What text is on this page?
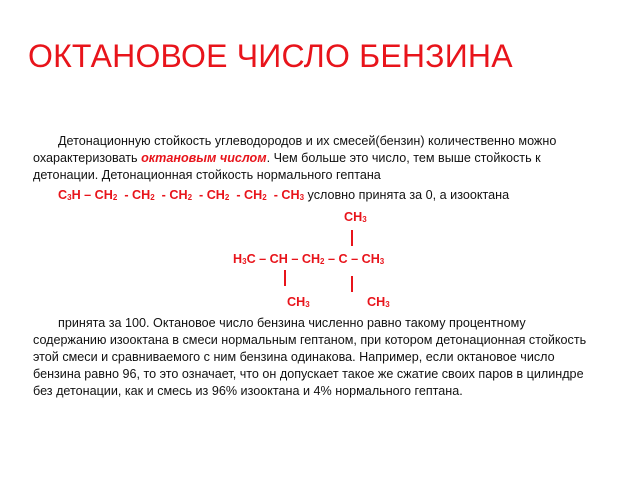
ОКТАНОВОЕ ЧИСЛО БЕНЗИНА
Детонационную стойкость углеводородов и их смесей(бензин) количественно можно охарактеризовать октановым числом. Чем больше это число, тем выше стойкость к детонации. Детонационная стойкость нормального гептана
C3H – CH2  - CH2  - CH2  - CH2  - CH2  - CH3 условно принята за 0, а изооктана
CH3
H3C – CH – CH2 – C – CH3
CH3	CH3
принята за 100. Октановое число бензина численно равно такому процентному содержанию изооктана в смеси нормальным гептаном, при котором детонационная стойкость этой смеси и сравниваемого с ним бензина одинакова. Например, если октановое число бензина равно 96, то это означает, что он допускает такое же сжатие своих паров в цилиндре без детонации, как и смесь из 96% изооктана и 4% нормального гептана.
